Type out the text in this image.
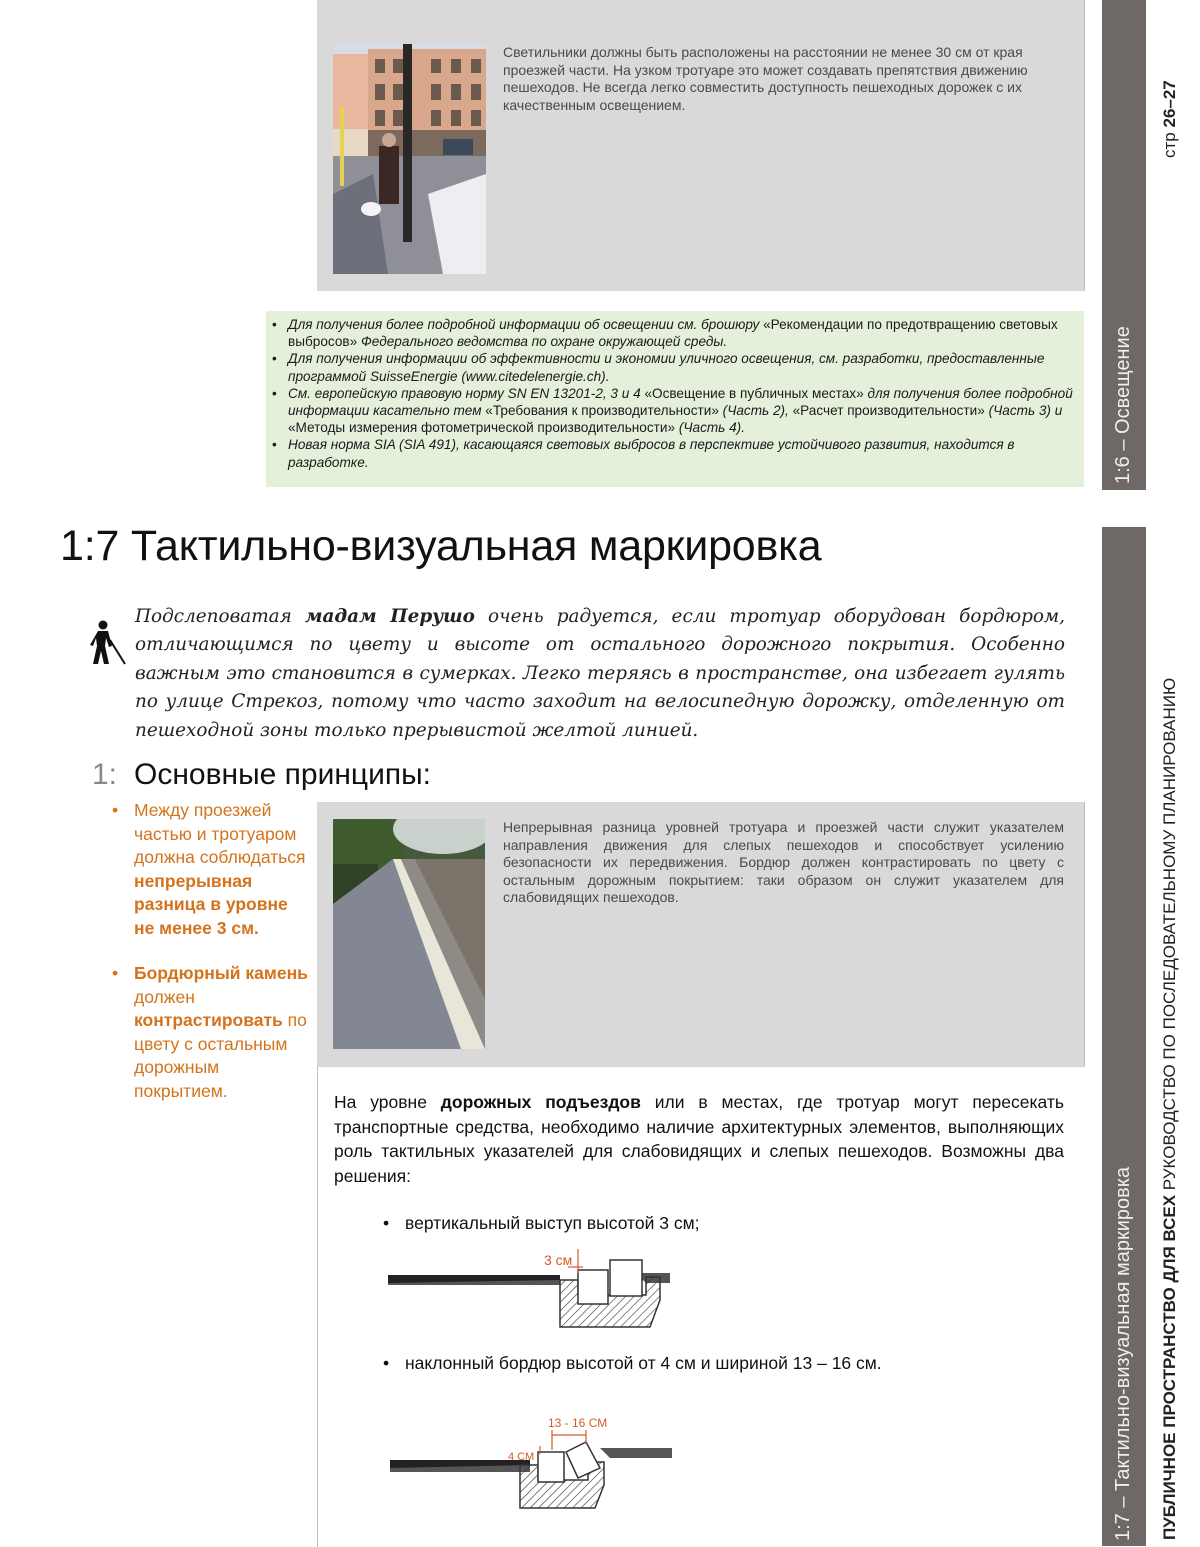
1:6 – Освещение
1:7 – Тактильно-визуальная маркировка
стр 26–27
ПУБЛИЧНОЕ ПРОСТРАНСТВО ДЛЯ ВСЕХ РУКОВОДСТВО ПО ПОСЛЕДОВАТЕЛЬНОМУ ПЛАНИРОВАНИЮ
Светильники должны быть расположены на расстоянии не менее 30 см от края проезжей части. На узком тротуаре это может создавать препятствия движению пешеходов. Не всегда легко совместить доступность пешеходных дорожек с их качественным освещением.
• Для получения более подробной информации об освещении см. брошюру «Рекомендации по предотвращению световых выбросов» Федерального ведомства по охране окружающей среды.
• Для получения информации об эффективности и экономии уличного освещения, см. разработки, предоставленные программой SuisseEnergie (www.citedelenergie.ch).
• См. европейскую правовую норму SN EN 13201-2, 3 и 4 «Освещение в публичных местах» для получения более подробной информации касательно тем «Требования к производительности» (Часть 2), «Расчет производительности» (Часть 3) и «Методы измерения фотометрической производительности» (Часть 4).
• Новая норма SIA (SIA 491), касающаяся световых выбросов в перспективе устойчивого развития, находится в разработке.
1:7 Тактильно-визуальная маркировка
Подслеповатая мадам Перушо очень радуется, если тротуар оборудован бордюром, отличающимся по цвету и высоте от остального дорожного покрытия. Особенно важным это становится в сумерках. Легко теряясь в пространстве, она избегает гулять по улице Стрекоз, потому что часто заходит на велосипедную дорожку, отделенную от пешеходной зоны только прерывистой желтой линией.
1: Основные принципы:
• Между проезжей частью и тротуаром должна соблюдаться непрерывная разница в уровне не менее 3 см.
• Бордюрный камень должен контрастировать по цвету с остальным дорожным покрытием.
Непрерывная разница уровней тротуара и проезжей части служит указателем направления движения для слепых пешеходов и способствует усилению безопасности их передвижения. Бордюр должен контрастировать по цвету с остальным дорожным покрытием: таки образом он служит указателем для слабовидящих пешеходов.
На уровне дорожных подъездов или в местах, где тротуар могут пересекать транспортные средства, необходимо наличие архитектурных элементов, выполняющих роль тактильных указателей для слабовидящих и слепых пешеходов. Возможны два решения:
• вертикальный выступ высотой 3 см;
3 см
• наклонный бордюр высотой от 4 см и шириной 13 – 16 см.
13 - 16 СМ
4 СМ
